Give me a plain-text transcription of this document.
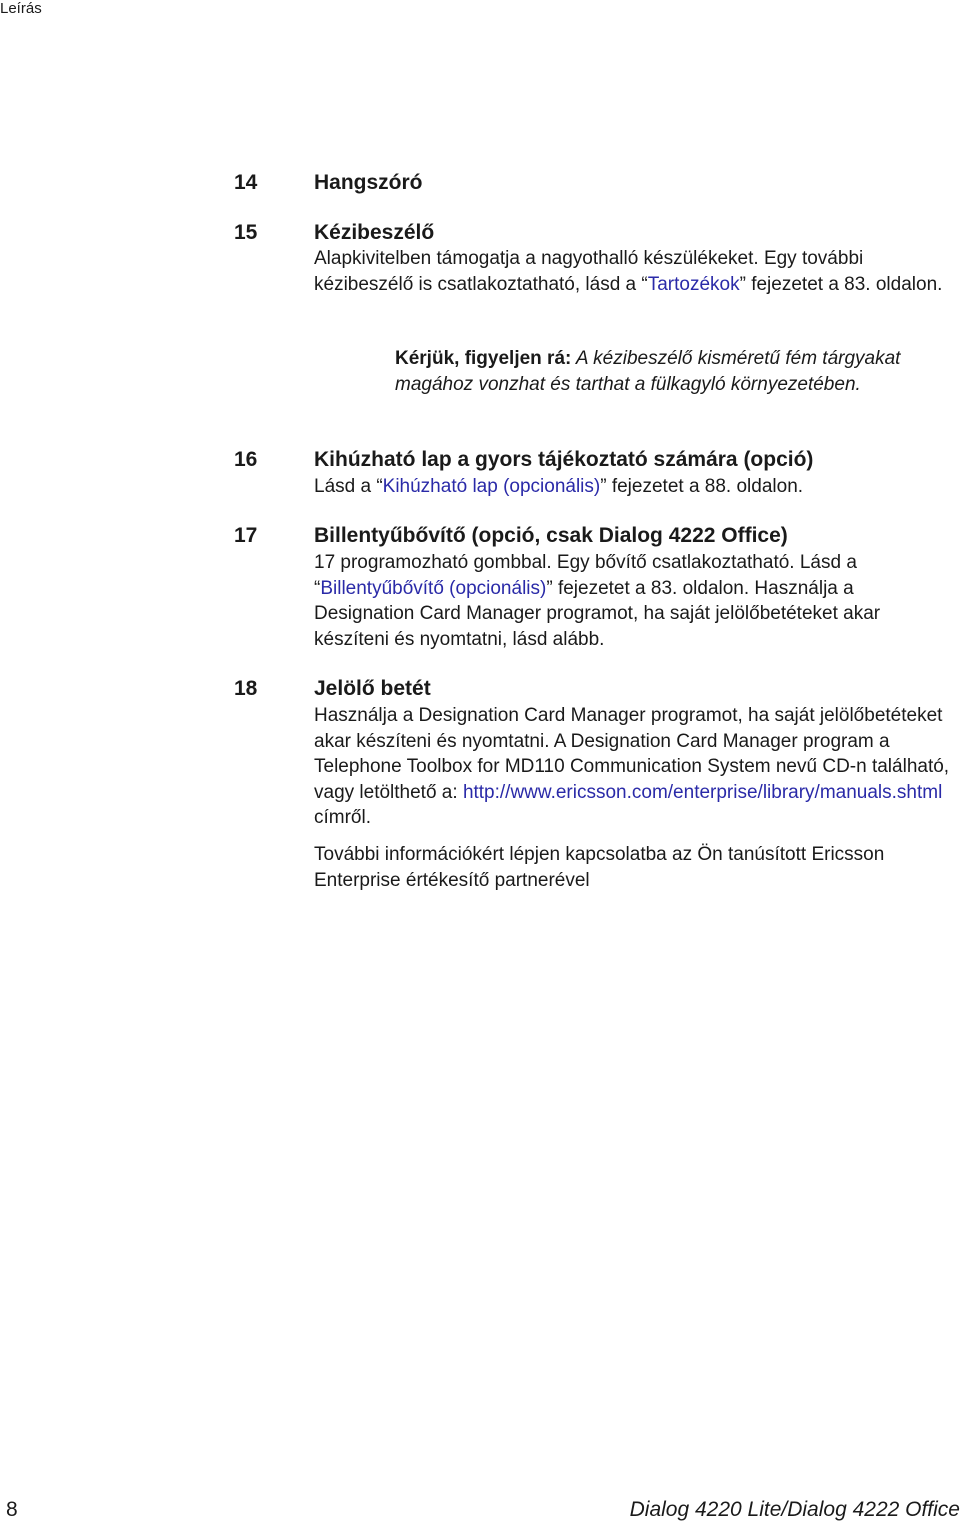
Leírás
14	Hangszóró
15	Kézibeszélő
Alapkivitelben támogatja a nagyothalló készülékeket. Egy további kézibeszélő is csatlakoztatható, lásd a “Tartozékok” fejezetet a 83. oldalon.
Kérjük, figyeljen rá: A kézibeszélő kisméretű fém tárgyakat magához vonzhat és tarthat a fülkagyló környezetében.
16	Kihúzható lap a gyors tájékoztató számára (opció)
Lásd a “Kihúzható lap (opcionális)” fejezetet a 88. oldalon.
17	Billentyűbővítő (opció, csak Dialog 4222 Office)
17 programozható gombbal. Egy bővítő csatlakoztatható. Lásd a “Billentyűbővítő (opcionális)” fejezetet a 83. oldalon. Használja a Designation Card Manager programot, ha saját jelölőbetéteket akar készíteni és nyomtatni, lásd alább.
18	Jelölő betét
Használja a Designation Card Manager programot, ha saját jelölőbetéteket akar készíteni és nyomtatni. A Designation Card Manager program a Telephone Toolbox for MD110 Communication System nevű CD-n található, vagy letölthető a: http://www.ericsson.com/enterprise/library/manuals.shtml címről.
További információkért lépjen kapcsolatba az Ön tanúsított Ericsson Enterprise értékesítő partnerével
8	Dialog 4220 Lite/Dialog 4222 Office
